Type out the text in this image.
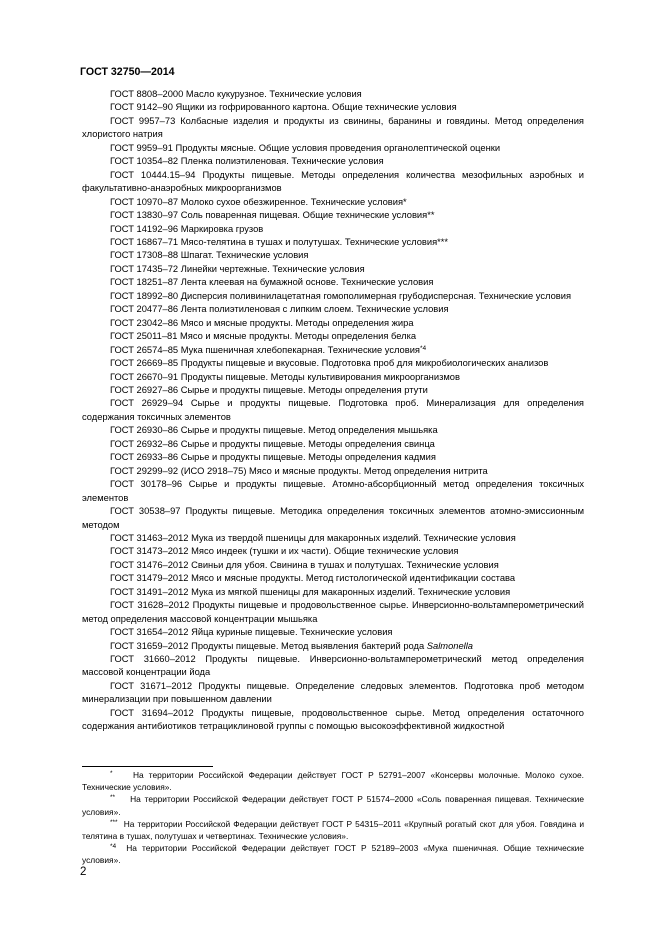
ГОСТ 32750—2014

ГОСТ 8808–2000 Масло кукурузное. Технические условия

ГОСТ 9142–90 Ящики из гофрированного картона. Общие технические условия

ГОСТ 9957–73 Колбасные изделия и продукты из свинины, баранины и говядины. Метод определения хлористого натрия

ГОСТ 9959–91 Продукты мясные. Общие условия проведения органолептической оценки

ГОСТ 10354–82 Пленка полиэтиленовая. Технические условия

ГОСТ 10444.15–94 Продукты пищевые. Методы определения количества мезофильных аэробных и факультативно-анаэробных микроорганизмов

ГОСТ 10970–87 Молоко сухое обезжиренное. Технические условия*

ГОСТ 13830–97 Соль поваренная пищевая. Общие технические условия**

ГОСТ 14192–96 Маркировка грузов

ГОСТ 16867–71 Мясо-телятина в тушах и полутушах. Технические условия***

ГОСТ 17308–88 Шпагат. Технические условия

ГОСТ 17435–72 Линейки чертежные. Технические условия

ГОСТ 18251–87 Лента клеевая на бумажной основе. Технические условия

ГОСТ 18992–80 Дисперсия поливинилацетатная гомополимерная грубодисперсная. Технические условия

ГОСТ 20477–86 Лента полиэтиленовая с липким слоем. Технические условия

ГОСТ 23042–86 Мясо и мясные продукты. Методы определения жира

ГОСТ 25011–81 Мясо и мясные продукты. Методы определения белка

ГОСТ 26574–85 Мука пшеничная хлебопекарная. Технические условия$^{*4}$

ГОСТ 26669–85 Продукты пищевые и вкусовые. Подготовка проб для микробиологических анализов

ГОСТ 26670–91 Продукты пищевые. Методы культивирования микроорганизмов

ГОСТ 26927–86 Сырье и продукты пищевые. Методы определения ртути

ГОСТ 26929–94 Сырье и продукты пищевые. Подготовка проб. Минерализация для определения содержания токсичных элементов

ГОСТ 26930–86 Сырье и продукты пищевые. Метод определения мышьяка

ГОСТ 26932–86 Сырье и продукты пищевые. Методы определения свинца

ГОСТ 26933–86 Сырье и продукты пищевые. Методы определения кадмия

ГОСТ 29299–92 (ИСО 2918–75) Мясо и мясные продукты. Метод определения нитрита

ГОСТ 30178–96 Сырье и продукты пищевые. Атомно-абсорбционный метод определения токсичных элементов

ГОСТ 30538–97 Продукты пищевые. Методика определения токсичных элементов атомно-эмиссионным методом

ГОСТ 31463–2012 Мука из твердой пшеницы для макаронных изделий. Технические условия

ГОСТ 31473–2012 Мясо индеек (тушки и их части). Общие технические условия

ГОСТ 31476–2012 Свиньи для убоя. Свинина в тушах и полутушах. Технические условия

ГОСТ 31479–2012 Мясо и мясные продукты. Метод гистологической идентификации состава

ГОСТ 31491–2012 Мука из мягкой пшеницы для макаронных изделий. Технические условия

ГОСТ 31628–2012 Продукты пищевые и продовольственное сырье. Инверсионно-вольтамперометрический метод определения массовой концентрации мышьяка

ГОСТ 31654–2012 Яйца куриные пищевые. Технические условия

ГОСТ 31659–2012 Продукты пищевые. Метод выявления бактерий рода Salmonella

ГОСТ 31660–2012 Продукты пищевые. Инверсионно-вольтамперометрический метод определения массовой концентрации йода

ГОСТ 31671–2012 Продукты пищевые. Определение следовых элементов. Подготовка проб методом минерализации при повышенном давлении

ГОСТ 31694–2012 Продукты пищевые, продовольственное сырье. Метод определения остаточного содержания антибиотиков тетрациклиновой группы с помощью высокоэффективной жидкостной

* На территории Российской Федерации действует ГОСТ Р 52791–2007 «Консервы молочные. Молоко сухое. Технические условия».

** На территории Российской Федерации действует ГОСТ Р 51574–2000 «Соль поваренная пищевая. Технические условия».

*** На территории Российской Федерации действует ГОСТ Р 54315–2011 «Крупный рогатый скот для убоя. Говядина и телятина в тушах, полутушах и четвертинах. Технические условия».

$^{*4}$ На территории Российской Федерации действует ГОСТ Р 52189–2003 «Мука пшеничная. Общие технические условия».

2
